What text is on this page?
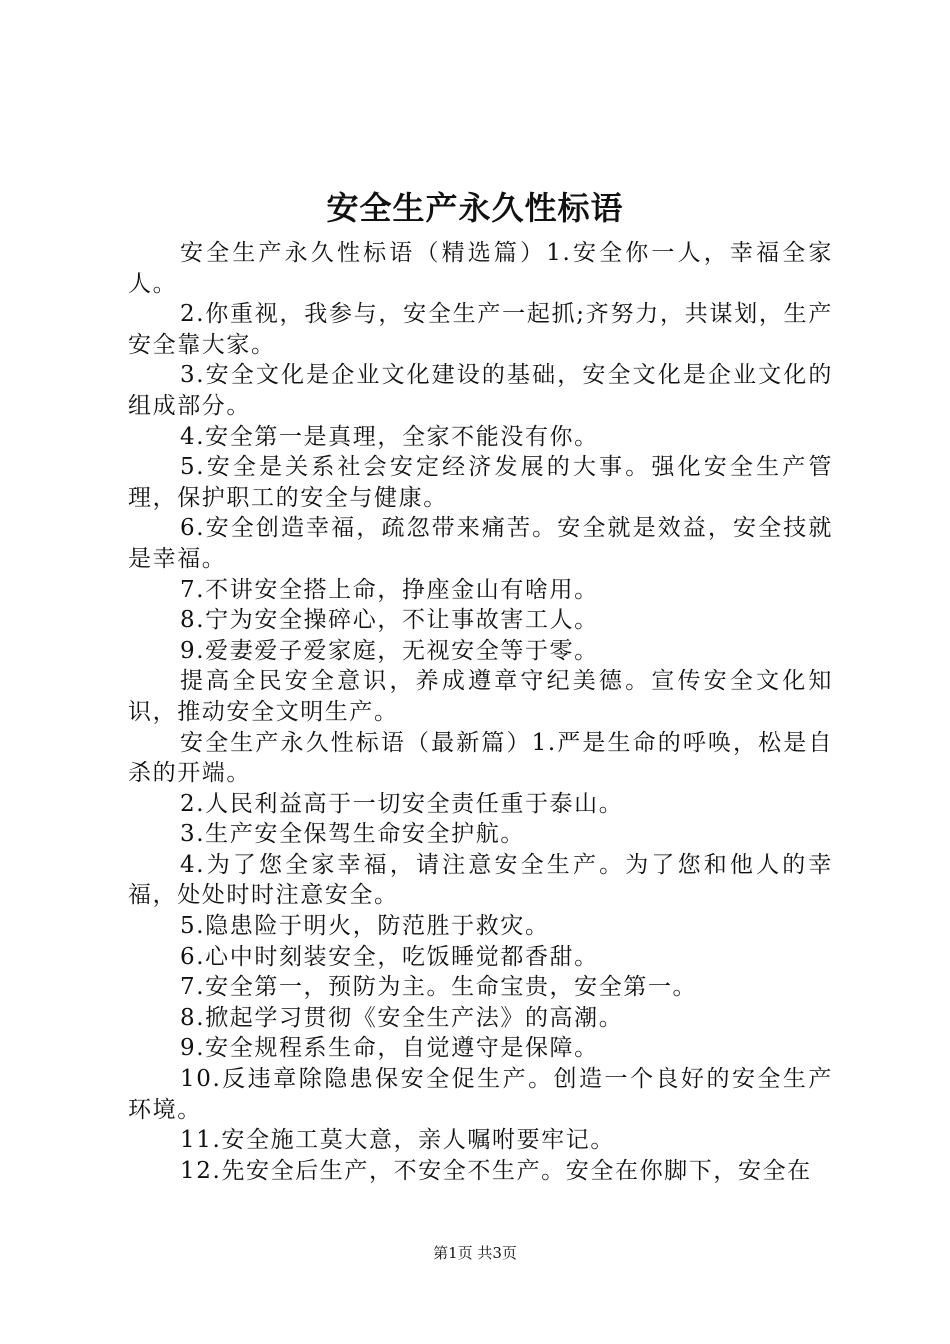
安全生产永久性标语

安全生产永久性标语（精选篇）1.安全你一人，幸福全家人。

2.你重视，我参与，安全生产一起抓;齐努力，共谋划，生产安全靠大家。

3.安全文化是企业文化建设的基础，安全文化是企业文化的组成部分。

4.安全第一是真理，全家不能没有你。

5.安全是关系社会安定经济发展的大事。强化安全生产管理，保护职工的安全与健康。

6.安全创造幸福，疏忽带来痛苦。安全就是效益，安全技就是幸福。

7.不讲安全搭上命，挣座金山有啥用。

8.宁为安全操碎心，不让事故害工人。

9.爱妻爱子爱家庭，无视安全等于零。

提高全民安全意识，养成遵章守纪美德。宣传安全文化知识，推动安全文明生产。

安全生产永久性标语（最新篇）1.严是生命的呼唤，松是自杀的开端。

2.人民利益高于一切安全责任重于泰山。

3.生产安全保驾生命安全护航。

4.为了您全家幸福，请注意安全生产。为了您和他人的幸福，处处时时注意安全。

5.隐患险于明火，防范胜于救灾。

6.心中时刻装安全，吃饭睡觉都香甜。

7.安全第一，预防为主。生命宝贵，安全第一。

8.掀起学习贯彻《安全生产法》的高潮。

9.安全规程系生命，自觉遵守是保障。

10.反违章除隐患保安全促生产。创造一个良好的安全生产环境。

11.安全施工莫大意，亲人嘱咐要牢记。

12.先安全后生产，不安全不生产。安全在你脚下，安全在

第1页 共3页
